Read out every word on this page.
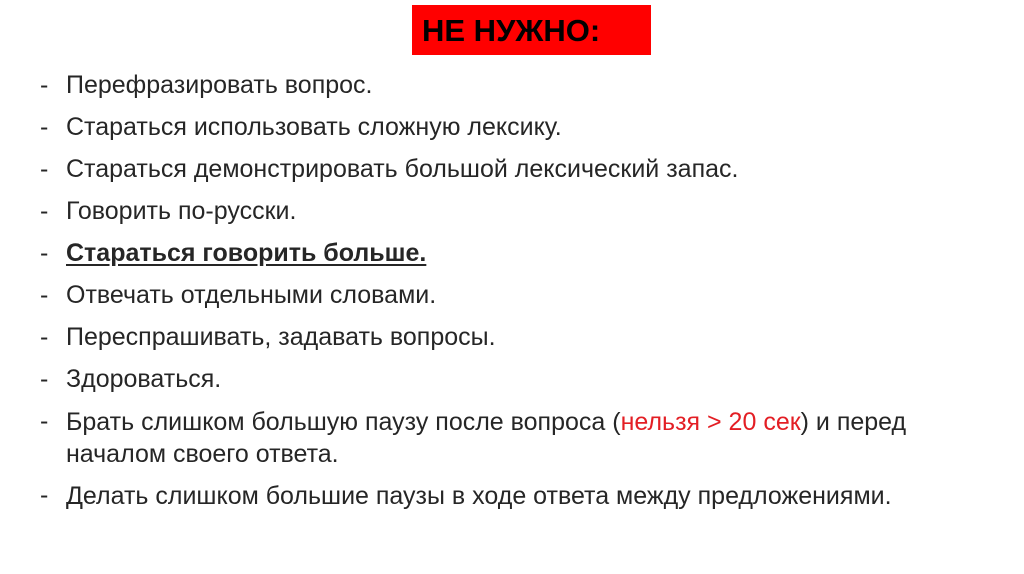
НЕ НУЖНО:
- Перефразировать вопрос.
- Стараться использовать сложную лексику.
- Стараться демонстрировать большой лексический запас.
- Говорить по-русски.
- Стараться говорить больше.
- Отвечать отдельными словами.
- Переспрашивать, задавать вопросы.
- Здороваться.
- Брать слишком большую паузу после вопроса (нельзя > 20 сек) и перед началом своего ответа.
- Делать слишком большие паузы в ходе ответа между предложениями.
